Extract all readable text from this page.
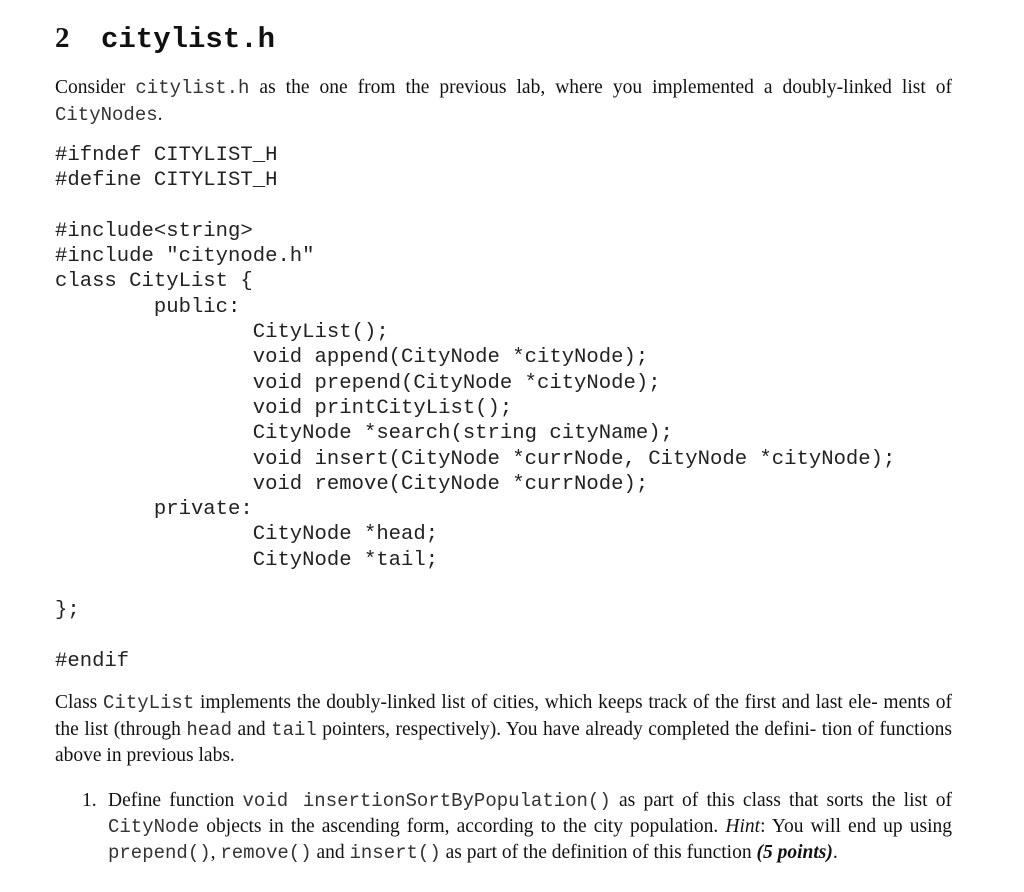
2 citylist.h
Consider citylist.h as the one from the previous lab, where you implemented a doubly-linked list of CityNodes.
#ifndef CITYLIST_H
#define CITYLIST_H
#include<string>
#include "citynode.h"
class CityList {
public:
CityList();
void append(CityNode *cityNode);
void prepend(CityNode *cityNode);
void printCityList();
CityNode *search(string cityName);
void insert(CityNode *currNode, CityNode *cityNode);
void remove(CityNode *currNode);
private:
CityNode *head;
CityNode *tail;
};
#endif
Class CityList implements the doubly-linked list of cities, which keeps track of the first and last ele- ments of the list (through head and tail pointers, respectively). You have already completed the defini- tion of functions above in previous labs.
1. Define function void insertionSortByPopulation() as part of this class that sorts the list of CityNode objects in the ascending form, according to the city population. Hint: You will end up using prepend(), remove() and insert() as part of the definition of this function (5 points).
